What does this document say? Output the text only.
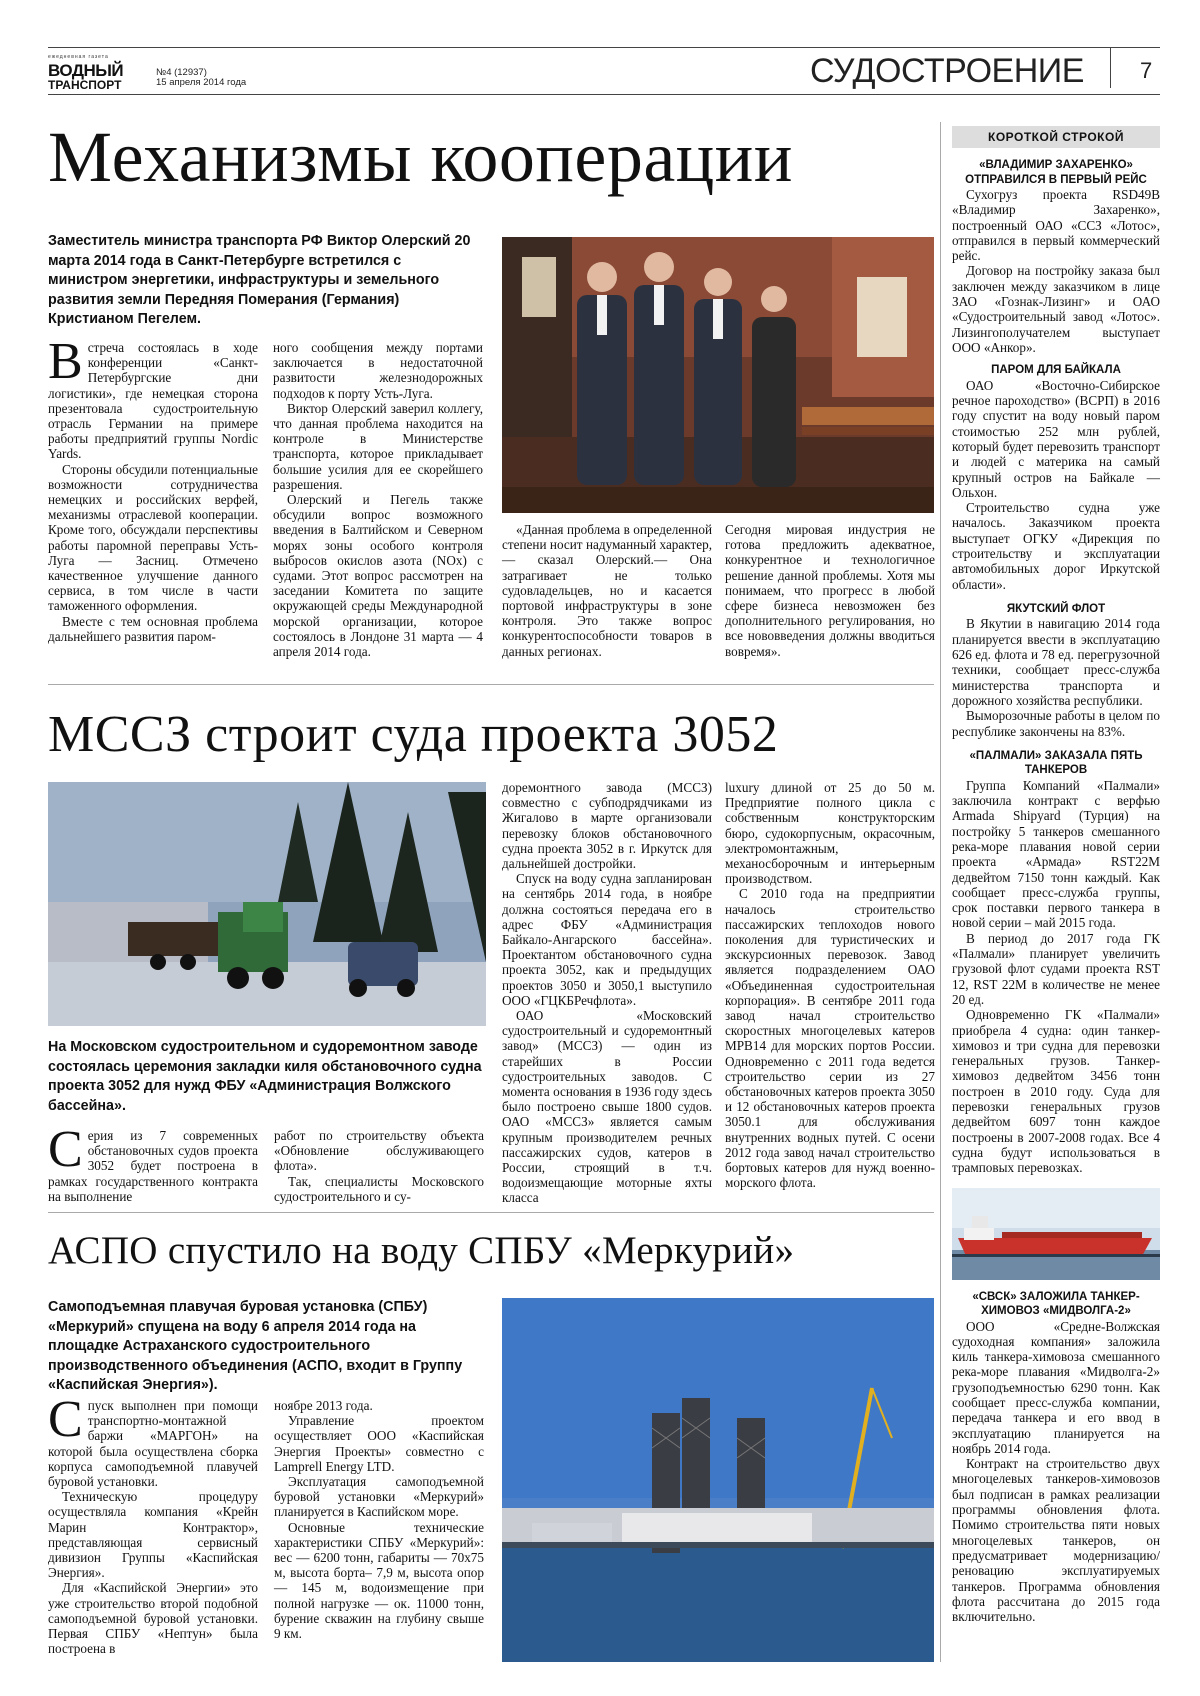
ежедневная газета
ВОДНЫЙ
ТРАНСПОРТ
№4 (12937)
15 апреля 2014 года	СУДОСТРОЕНИЕ	7
Механизмы кооперации
Заместитель министра транспорта РФ Виктор Олерский 20 марта 2014 года в Санкт-Петербурге встретился с министром энергетики, инфраструктуры и земельного развития земли Передняя Померания (Германия) Кристианом Пегелем.

Встреча состоялась в ходе конференции «Санкт-Петербургские дни логистики», где немецкая сторона презентовала судостроительную отрасль Германии на примере работы предприятий группы Nordic Yards.

Стороны обсудили потенциальные возможности сотрудничества немецких и российских верфей, механизмы отраслевой кооперации. Кроме того, обсуждали перспективы работы паромной переправы Усть-Луга — Засниц. Отмечено качественное улучшение данного сервиса, в том числе в части таможенного оформления.

Вместе с тем основная проблема дальнейшего развития паром-

ного сообщения между портами заключается в недостаточной развитости железнодорожных подходов к порту Усть-Луга.

Виктор Олерский заверил коллегу, что данная проблема находится на контроле в Министерстве транспорта, которое прикладывает большие усилия для ее скорейшего разрешения.

Олерский и Пегель также обсудили вопрос возможного введения в Балтийском и Северном морях зоны особого контроля выбросов окислов азота (NOx) с судами. Этот вопрос рассмотрен на заседании Комитета по защите окружающей среды Международной морской организации, которое состоялось в Лондоне 31 марта — 4 апреля 2014 года.

«Данная проблема в определенной степени носит надуманный характер,— сказал Олерский.— Она затрагивает не только судовладельцев, но и касается портовой инфраструктуры в зоне контроля. Это также вопрос конкурентоспособности товаров в данных регионах.

Сегодня мировая индустрия не готова предложить адекватное, конкурентное и технологичное решение данной проблемы. Хотя мы понимаем, что прогресс в любой сфере бизнеса невозможен без дополнительного регулирования, но все нововведения должны вводиться вовремя».

МССЗ строит суда проекта 3052
На Московском судостроительном и судоремонтном заводе состоялась церемония закладки киля обстановочного судна проекта 3052 для нужд ФБУ «Администрация Волжского бассейна».

Серия из 7 современных обстановочных судов проекта 3052 будет построена в рамках государственного контракта на выполнение

работ по строительству объекта «Обновление обслуживающего флота».

Так, специалисты Московского судостроительного и су-

доремонтного завода (МССЗ) совместно с субподрядчиками из Жигалово в марте организовали перевозку блоков обстановочного судна проекта 3052 в г. Иркутск для дальнейшей достройки.

Спуск на воду судна запланирован на сентябрь 2014 года, в ноябре должна состояться передача его в адрес ФБУ «Администрация Байкало-Ангарского бассейна». Проектантом обстановочного судна проекта 3052, как и предыдущих проектов 3050 и 3050,1 выступило ООО «ГЦКБРечфлота».

ОАО «Московский судостроительный и судоремонтный завод» (МССЗ) — один из старейших в России судостроительных заводов. С момента основания в 1936 году здесь было построено свыше 1800 судов. ОАО «МССЗ» является самым крупным производителем речных пассажирских судов, катеров в России, строящий в т.ч. водоизмещающие моторные яхты класса

luxury длиной от 25 до 50 м. Предприятие полного цикла с собственным конструкторским бюро, судокорпусным, окрасочным, электромонтажным, механосборочным и интерьерным производством.

С 2010 года на предприятии началось строительство пассажирских теплоходов нового поколения для туристических и экскурсионных перевозок. Завод является подразделением ОАО «Объединенная судостроительная корпорация». В сентябре 2011 года завод начал строительство скоростных многоцелевых катеров МРВ14 для морских портов России. Одновременно с 2011 года ведется строительство серии из 27 обстановочных катеров проекта 3050 и 12 обстановочных катеров проекта 3050.1 для обслуживания внутренних водных путей. С осени 2012 года завод начал строительство бортовых катеров для нужд военно-морского флота.

АСПО спустило на воду СПБУ «Меркурий»
Самоподъемная плавучая буровая установка (СПБУ) «Меркурий» спущена на воду 6 апреля 2014 года на площадке Астраханского судостроительного производственного объединения (АСПО, входит в Группу «Каспийская Энергия»).

Спуск выполнен при помощи транспортно-монтажной баржи «МАРГОН» на которой была осуществлена сборка корпуса самоподъемной плавучей буровой установки.

Техническую процедуру осуществляла компания «Крейн Марин Контрактор», представляющая сервисный дивизион Группы «Каспийская Энергия».

Для «Каспийской Энергии» это уже строительство второй подобной самоподъемной буровой установки. Первая СПБУ «Нептун» была построена в

ноябре 2013 года.

Управление проектом осуществляет ООО «Каспийская Энергия Проекты» совместно с Lamprell Energy LTD.

Эксплуатация самоподъемной буровой установки «Меркурий» планируется в Каспийском море.

Основные технические характеристики СПБУ «Меркурий»: вес — 6200 тонн, габариты — 70х75 м, высота борта– 7,9 м, высота опор — 145 м, водоизмещение при полной нагрузке — ок. 11000 тонн, бурение скважин на глубину свыше 9 км.

КОРОТКОЙ СТРОКОЙ
«ВЛАДИМИР ЗАХАРЕНКО» ОТПРАВИЛСЯ В ПЕРВЫЙ РЕЙС

Сухогруз проекта RSD49B «Владимир Захаренко», построенный ОАО «ССЗ «Лотос», отправился в первый коммерческий рейс.

Договор на постройку заказа был заключен между заказчиком в лице ЗАО «Гознак-Лизинг» и ОАО «Судостроительный завод «Лотос». Лизингополучателем выступает ООО «Анкор».

ПАРОМ ДЛЯ БАЙКАЛА

ОАО «Восточно-Сибирское речное пароходство» (ВСРП) в 2016 году спустит на воду новый паром стоимостью 252 млн рублей, который будет перевозить транспорт и людей с материка на самый крупный остров на Байкале — Ольхон.

Строительство судна уже началось. Заказчиком проекта выступает ОГКУ «Дирекция по строительству и эксплуатации автомобильных дорог Иркутской области».

ЯКУТСКИЙ ФЛОТ

В Якутии в навигацию 2014 года планируется ввести в эксплуатацию 626 ед. флота и 78 ед. перегрузочной техники, сообщает пресс-служба министерства транспорта и дорожного хозяйства республики.

Выморозочные работы в целом по республике закончены на 83%.

«ПАЛМАЛИ» ЗАКАЗАЛА ПЯТЬ ТАНКЕРОВ

Группа Компаний «Палмали» заключила контракт с верфью Armada Shipyard (Турция) на постройку 5 танкеров смешанного река-море плавания новой серии проекта «Армада» RST22M дедвейтом 7150 тонн каждый. Как сообщает пресс-служба группы, срок поставки первого танкера в новой серии – май 2015 года.

В период до 2017 года ГК «Палмали» планирует увеличить грузовой флот судами проекта RST 12, RST 22M в количестве не менее 20 ед.

Одновременно ГК «Палмали» приобрела 4 судна: один танкер-химовоз и три судна для перевозки генеральных грузов. Танкер-химовоз дедвейтом 3456 тонн построен в 2010 году. Суда для перевозки генеральных грузов дедвейтом 6097 тонн каждое построены в 2007-2008 годах. Все 4 судна будут использоваться в трамповых перевозках.

«СВСК» ЗАЛОЖИЛА ТАНКЕР-ХИМОВОЗ «МИДВОЛГА-2»

ООО «Средне-Волжская судоходная компания» заложила киль танкера-химовоза смешанного река-море плавания «Мидволга-2» грузоподъемностью 6290 тонн. Как сообщает пресс-служба компании, передача танкера и его ввод в эксплуатацию планируется на ноябрь 2014 года.

Контракт на строительство двух многоцелевых танкеров-химовозов был подписан в рамках реализации программы обновления флота. Помимо строительства пяти новых многоцелевых танкеров, он предусматривает модернизацию/реновацию эксплуатируемых танкеров. Программа обновления флота рассчитана до 2015 года включительно.
